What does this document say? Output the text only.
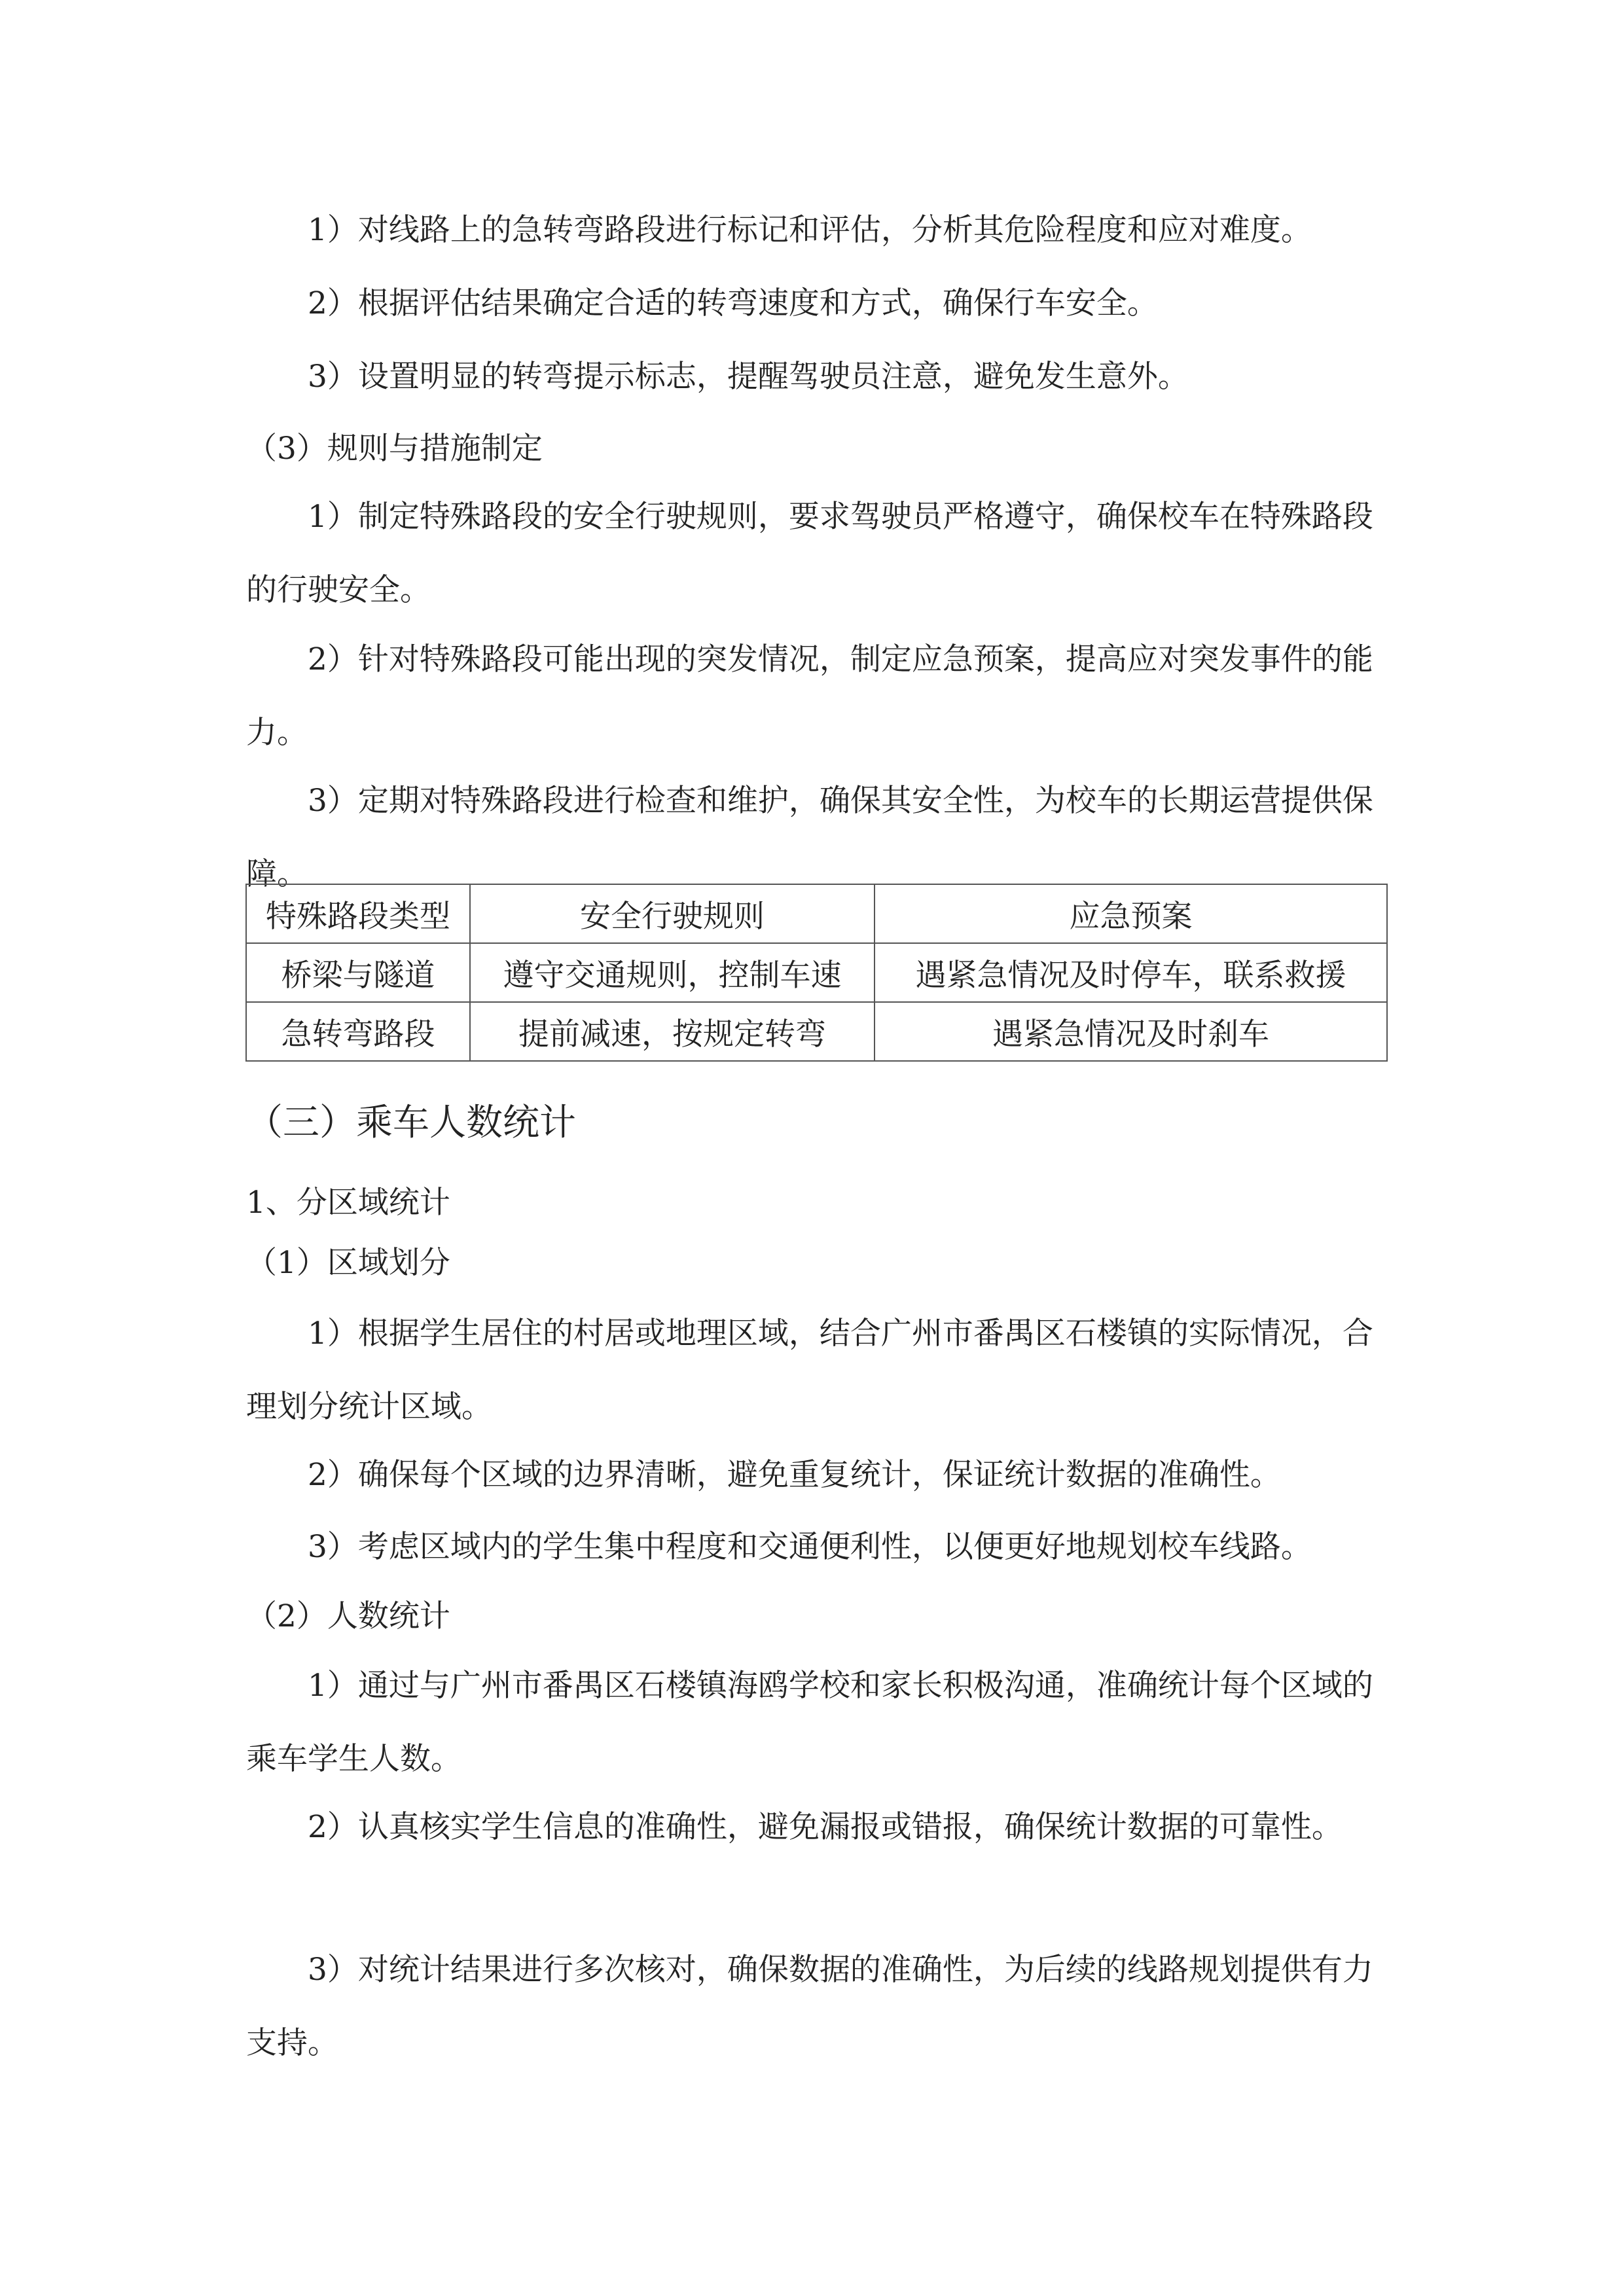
1）对线路上的急转弯路段进行标记和评估，分析其危险程度和应对难度。

2）根据评估结果确定合适的转弯速度和方式，确保行车安全。

3）设置明显的转弯提示标志，提醒驾驶员注意，避免发生意外。

（3）规则与措施制定

1）制定特殊路段的安全行驶规则，要求驾驶员严格遵守，确保校车在特殊路段的行驶安全。

2）针对特殊路段可能出现的突发情况，制定应急预案，提高应对突发事件的能力。

3）定期对特殊路段进行检查和维护，确保其安全性，为校车的长期运营提供保障。

特殊路段类型	安全行驶规则	应急预案
桥梁与隧道	遵守交通规则，控制车速	遇紧急情况及时停车，联系救援
急转弯路段	提前减速，按规定转弯	遇紧急情况及时刹车

（三）乘车人数统计

1、分区域统计

（1）区域划分

1）根据学生居住的村居或地理区域，结合广州市番禺区石楼镇的实际情况，合理划分统计区域。

2）确保每个区域的边界清晰，避免重复统计，保证统计数据的准确性。

3）考虑区域内的学生集中程度和交通便利性，以便更好地规划校车线路。

（2）人数统计

1）通过与广州市番禺区石楼镇海鸥学校和家长积极沟通，准确统计每个区域的乘车学生人数。

2）认真核实学生信息的准确性，避免漏报或错报，确保统计数据的可靠性。

3）对统计结果进行多次核对，确保数据的准确性，为后续的线路规划提供有力支持。
